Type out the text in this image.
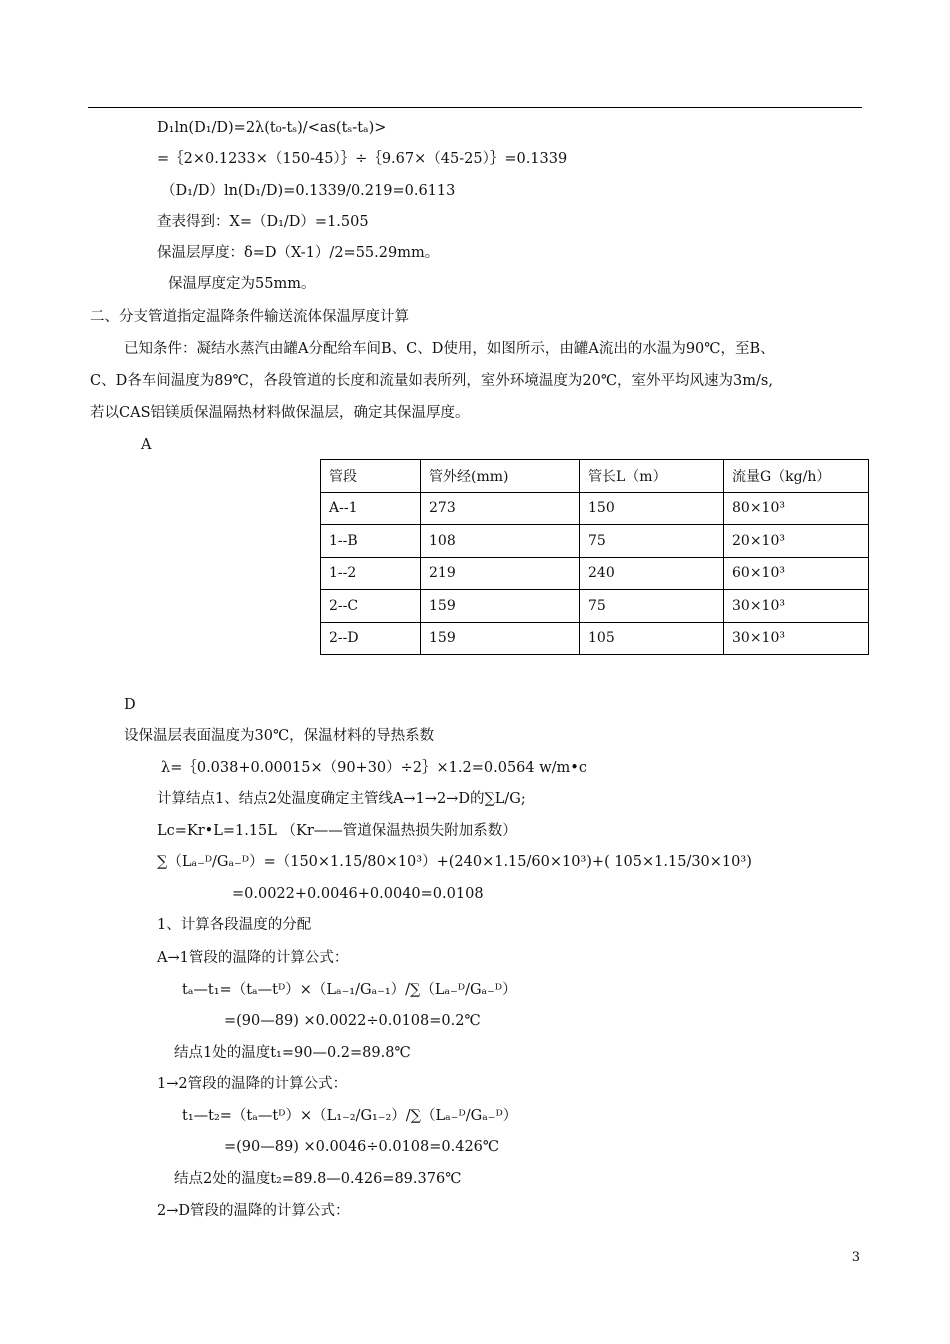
D₁ln(D₁/D)=2λ(t₀-tₛ)/<as(tₛ-tₐ)>
=｛2×0.1233×（150-45）｝÷｛9.67×（45-25）｝=0.1339
（D₁/D）ln(D₁/D)=0.1339/0.219=0.6113
查表得到：X=（D₁/D）=1.505
保温层厚度：δ=D（X-1）/2=55.29mm。
保温厚度定为55mm。
二、分支管道指定温降条件输送流体保温厚度计算
已知条件：凝结水蒸汽由罐A分配给车间B、C、D使用，如图所示，由罐A流出的水温为90℃，至B、
C、D各车间温度为89℃，各段管道的长度和流量如表所列，室外环境温度为20℃，室外平均风速为3m/s,
若以CAS铝镁质保温隔热材料做保温层，确定其保温厚度。
A
管段	管外经(mm)	管长L（m）	流量G（kg/h）
A--1	273	150	80×10³
1--B	108	75	20×10³
1--2	219	240	60×10³
2--C	159	75	30×10³
2--D	159	105	30×10³
D
设保温层表面温度为30℃，保温材料的导热系数
λ=｛0.038+0.00015×（90+30）÷2｝×1.2=0.0564 w/m•c
计算结点1、结点2处温度确定主管线A→1→2→D的∑L/G;
Lc=Kr•L=1.15L （Kr——管道保温热损失附加系数）
∑（Lₐ₋ᴰ/Gₐ₋ᴰ）=（150×1.15/80×10³）+(240×1.15/60×10³)+( 105×1.15/30×10³)
=0.0022+0.0046+0.0040=0.0108
1、计算各段温度的分配
A→1管段的温降的计算公式：
tₐ—t₁=（tₐ—tᴰ）×（Lₐ₋₁/Gₐ₋₁）/∑（Lₐ₋ᴰ/Gₐ₋ᴰ）
=(90—89) ×0.0022÷0.0108=0.2℃
结点1处的温度t₁=90—0.2=89.8℃
1→2管段的温降的计算公式：
t₁—t₂=（tₐ—tᴰ）×（L₁₋₂/G₁₋₂）/∑（Lₐ₋ᴰ/Gₐ₋ᴰ）
=(90—89) ×0.0046÷0.0108=0.426℃
结点2处的温度t₂=89.8—0.426=89.376℃
2→D管段的温降的计算公式：
3
